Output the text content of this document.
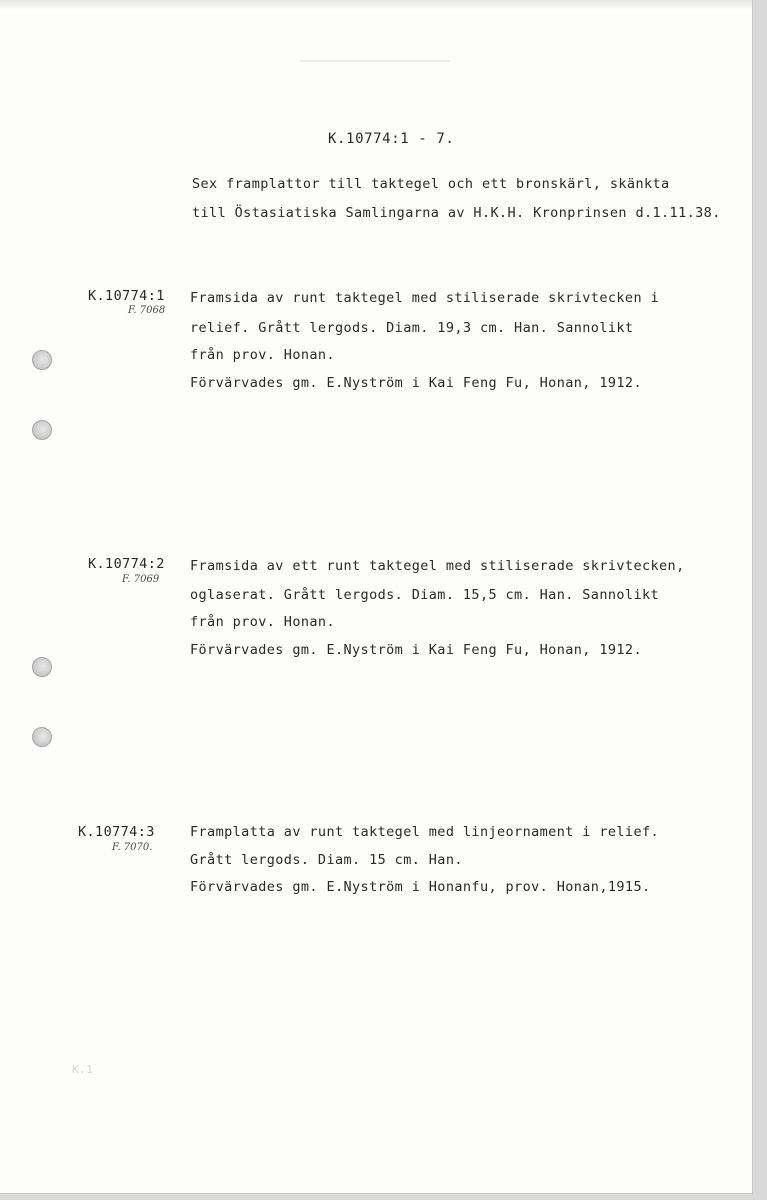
K.10774:1 - 7.
Sex framplattor till taktegel och ett bronskärl, skänkta
till Östasiatiska Samlingarna av H.K.H. Kronprinsen d.1.11.38.
K.10774:1
F. 7068
Framsida av runt taktegel med stiliserade skrivtecken i
relief. Grått lergods. Diam. 19,3 cm. Han. Sannolikt
från prov. Honan.
Förvärvades gm. E.Nyström i Kai Feng Fu, Honan, 1912.
K.10774:2
F. 7069
Framsida av ett runt taktegel med stiliserade skrivtecken,
oglaserat. Grått lergods. Diam. 15,5 cm. Han. Sannolikt
från prov. Honan.
Förvärvades gm. E.Nyström i Kai Feng Fu, Honan, 1912.
K.10774:3
F. 7070.
Framplatta av runt taktegel med linjeornament i relief.
Grått lergods. Diam. 15 cm. Han.
Förvärvades gm. E.Nyström i Honanfu, prov. Honan,1915.
K.1
